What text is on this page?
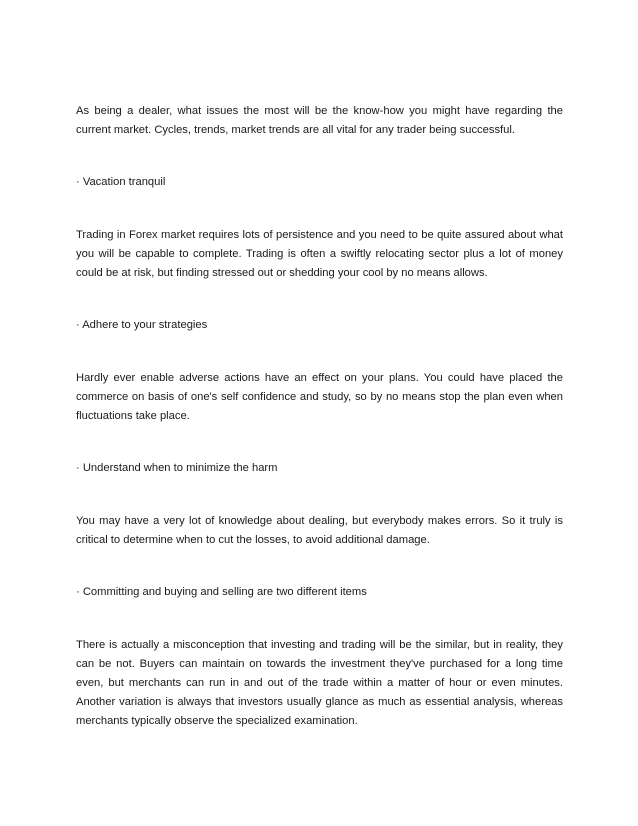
As being a dealer, what issues the most will be the know-how you might have regarding the current market. Cycles, trends, market trends are all vital for any trader being successful.

· Vacation tranquil

Trading in Forex market requires lots of persistence and you need to be quite assured about what you will be capable to complete. Trading is often a swiftly relocating sector plus a lot of money could be at risk, but finding stressed out or shedding your cool by no means allows.

· Adhere to your strategies

Hardly ever enable adverse actions have an effect on your plans. You could have placed the commerce on basis of one's self confidence and study, so by no means stop the plan even when fluctuations take place.

· Understand when to minimize the harm

You may have a very lot of knowledge about dealing, but everybody makes errors. So it truly is critical to determine when to cut the losses, to avoid additional damage.

· Committing and buying and selling are two different items

There is actually a misconception that investing and trading will be the similar, but in reality, they can be not. Buyers can maintain on towards the investment they've purchased for a long time even, but merchants can run in and out of the trade within a matter of hour or even minutes. Another variation is always that investors usually glance as much as essential analysis, whereas merchants typically observe the specialized examination.
